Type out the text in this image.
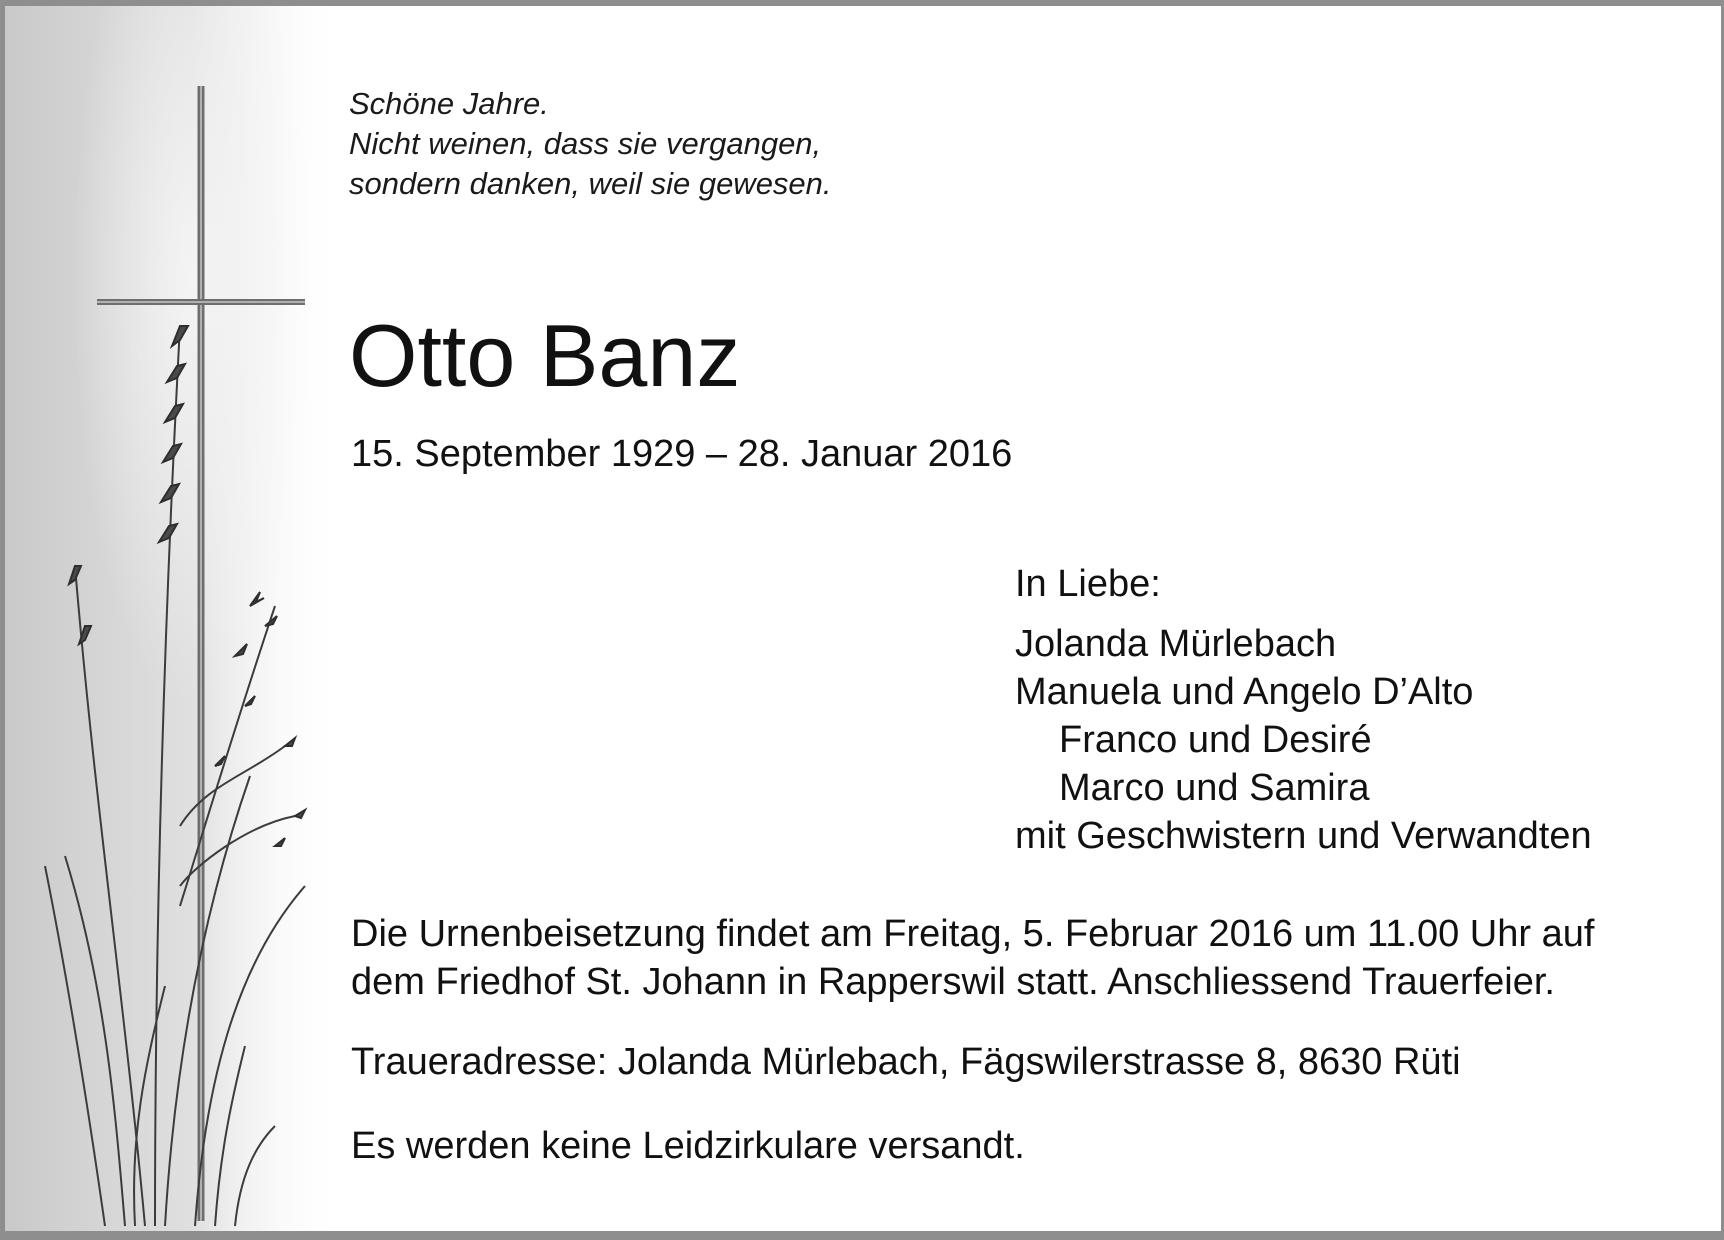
Schöne Jahre.
Nicht weinen, dass sie vergangen,
sondern danken, weil sie gewesen.
Otto Banz
15. September 1929 – 28. Januar 2016
In Liebe:
Jolanda Mürlebach
Manuela und Angelo D’Alto
Franco und Desiré
Marco und Samira
mit Geschwistern und Verwandten
Die Urnenbeisetzung findet am Freitag, 5. Februar 2016 um 11.00 Uhr auf
dem Friedhof St. Johann in Rapperswil statt. Anschliessend Trauerfeier.
Traueradresse: Jolanda Mürlebach, Fägswilerstrasse 8, 8630 Rüti
Es werden keine Leidzirkulare versandt.
